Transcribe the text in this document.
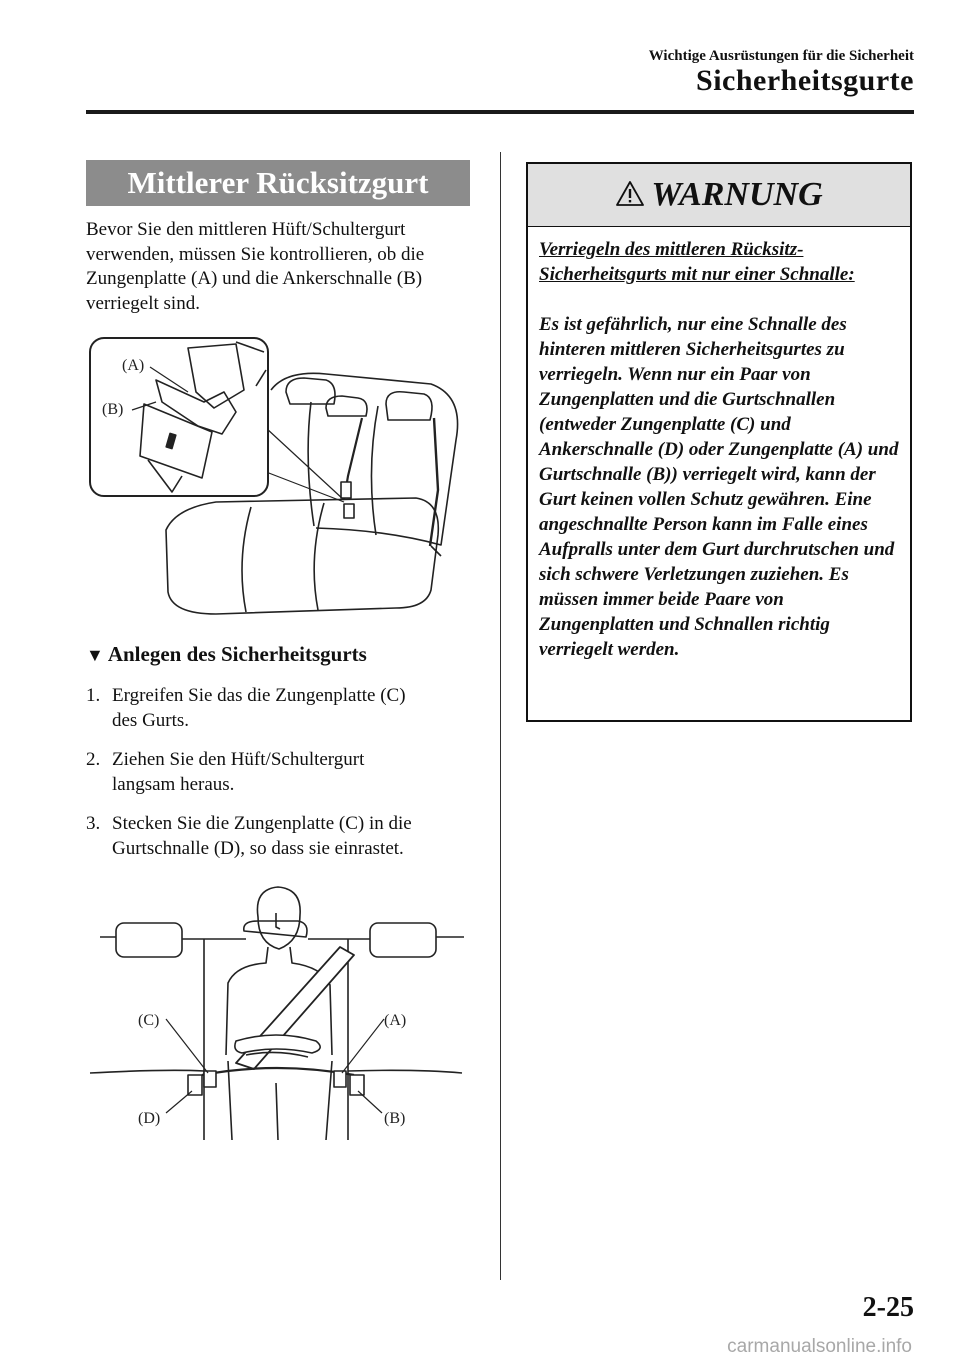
Wichtige Ausrüstungen für die Sicherheit
Sicherheitsgurte
Mittlerer Rücksitzgurt
Bevor Sie den mittleren Hüft/Schultergurt verwenden, müssen Sie kontrollieren, ob die Zungenplatte (A) und die Ankerschnalle (B) verriegelt sind.
(A)
(B)
▼ Anlegen des Sicherheitsgurts
1. Ergreifen Sie das die Zungenplatte (C)
des Gurts.
2. Ziehen Sie den Hüft/Schultergurt
langsam heraus.
3. Stecken Sie die Zungenplatte (C) in die
Gurtschnalle (D), so dass sie einrastet.
(C)	(A)
(D)	(B)
WARNUNG
Verriegeln des mittleren Rücksitz-Sicherheitsgurts mit nur einer Schnalle:
Es ist gefährlich, nur eine Schnalle des hinteren mittleren Sicherheitsgurtes zu verriegeln. Wenn nur ein Paar von Zungenplatten und die Gurtschnallen (entweder Zungenplatte (C) und Ankerschnalle (D) oder Zungenplatte (A) und Gurtschnalle (B)) verriegelt wird, kann der Gurt keinen vollen Schutz gewähren. Eine angeschnallte Person kann im Falle eines Aufpralls unter dem Gurt durchrutschen und sich schwere Verletzungen zuziehen. Es müssen immer beide Paare von Zungenplatten und Schnallen richtig verriegelt werden.
2-25
carmanualsonline.info
